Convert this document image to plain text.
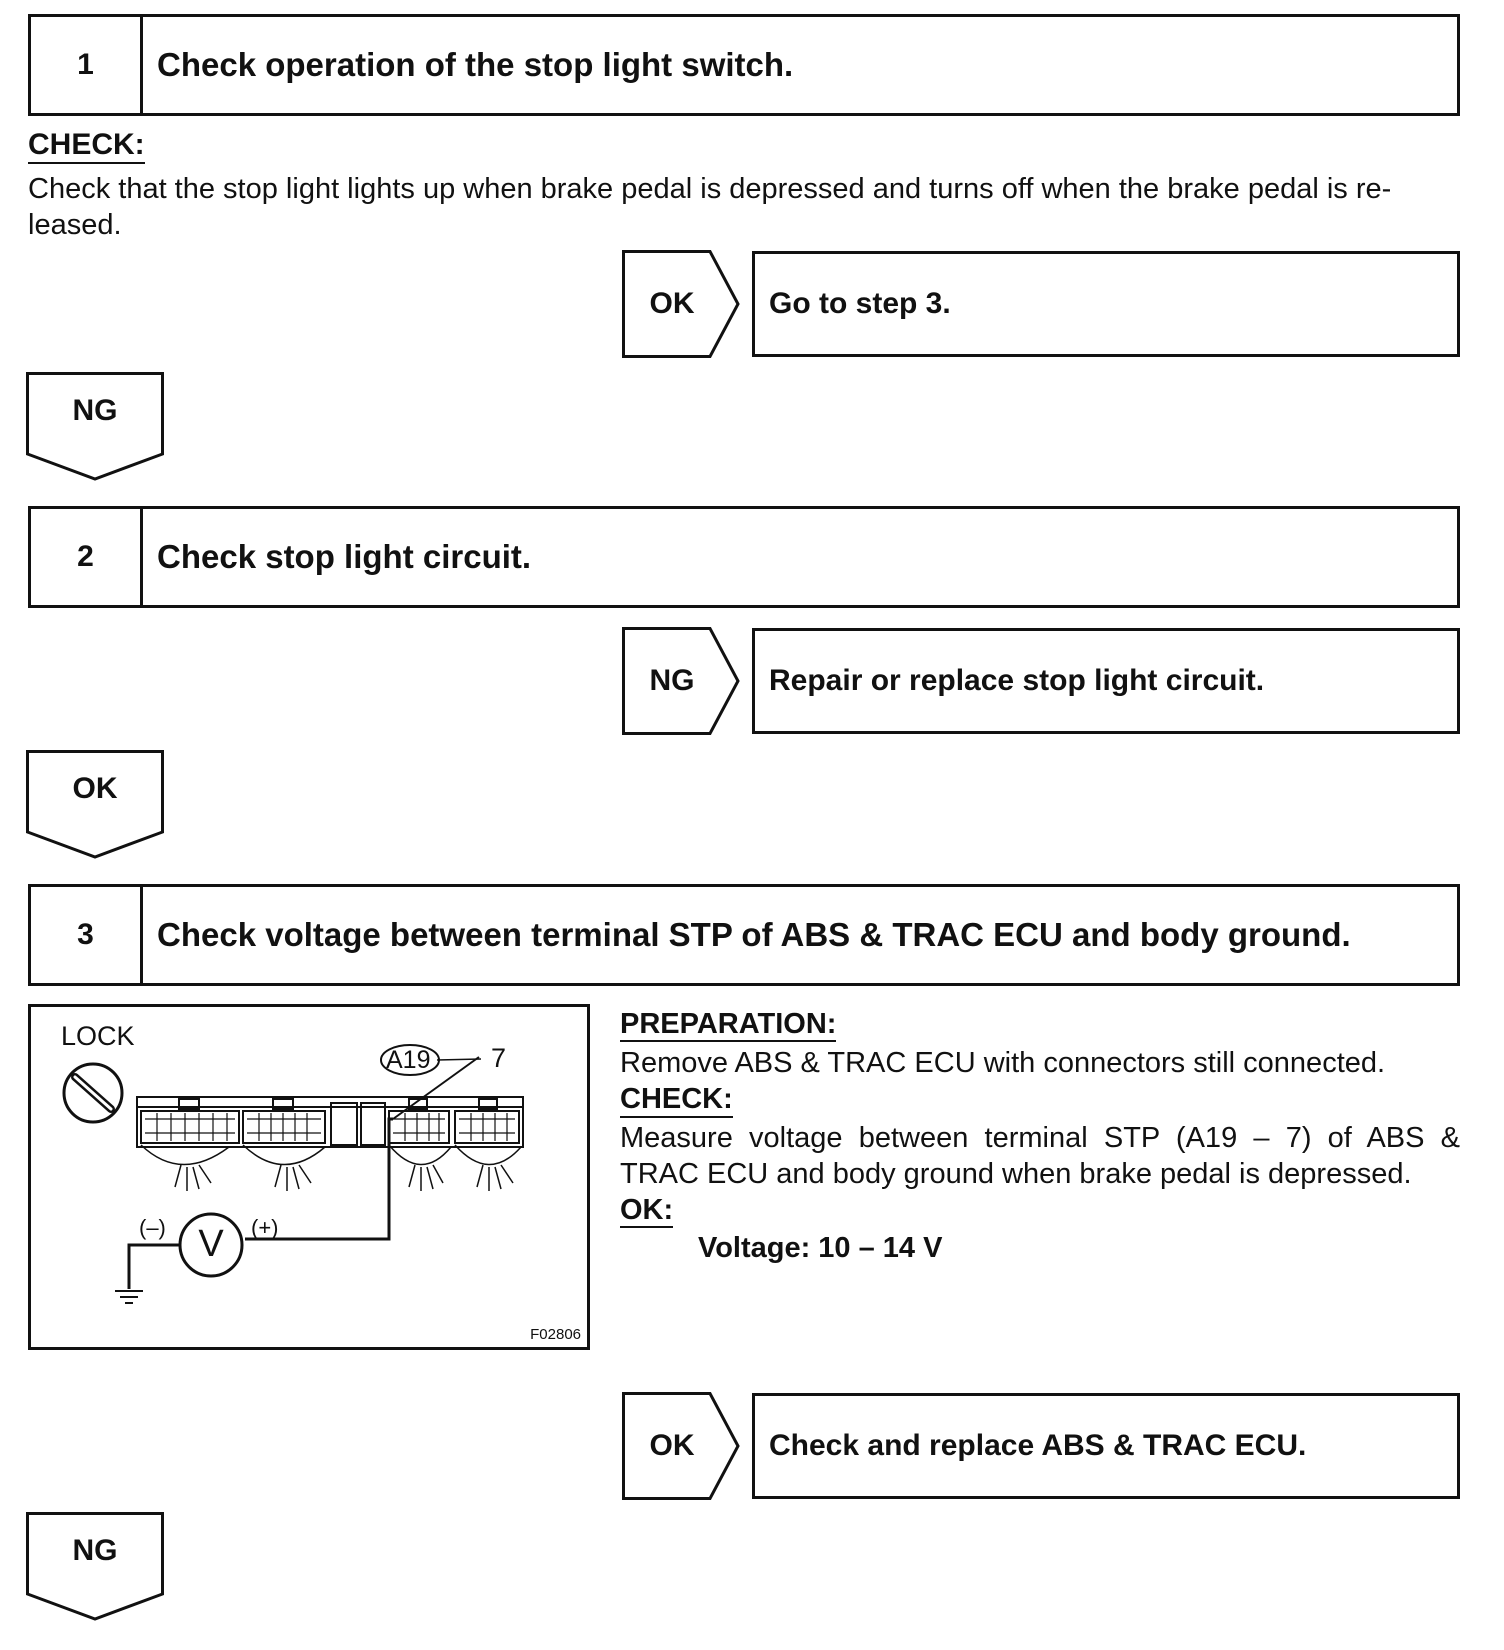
1	Check operation of the stop light switch.
CHECK:
Check that the stop light lights up when brake pedal is depressed and turns off when the brake pedal is re-
leased.
OK	Go to step 3.
NG
2	Check stop light circuit.
NG	Repair or replace stop light circuit.
OK
3	Check voltage between terminal STP of ABS & TRAC ECU and body ground.
LOCK
A19 7
V
(–)	(+)
F02806
PREPARATION:
Remove ABS & TRAC ECU with connectors still connected.
CHECK:
Measure voltage between terminal STP (A19 – 7) of ABS &
TRAC ECU and body ground when brake pedal is depressed.
OK:
Voltage: 10 – 14 V
OK	Check and replace ABS & TRAC ECU.
NG
